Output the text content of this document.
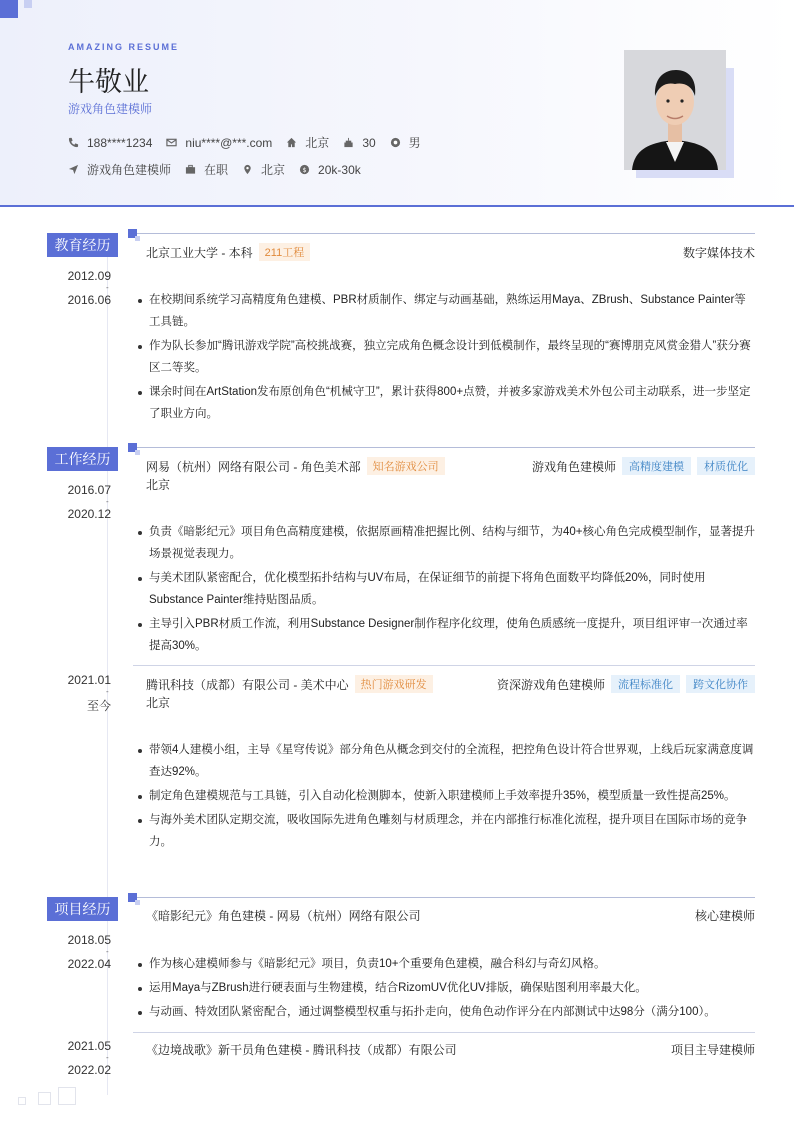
AMAZING RESUME
牛敬业
游戏角色建模师
188****1234	niu****@***.com	北京	30	男
游戏角色建模师	在职	北京 $ 20k-30k
教育经历
2012.09
-
2016.06
北京工业大学 - 本科	211工程	数字媒体技术
在校期间系统学习高精度角色建模、PBR材质制作、绑定与动画基础，熟练运用Maya、ZBrush、Substance Painter等工具链。
作为队长参加“腾讯游戏学院”高校挑战赛，独立完成角色概念设计到低模制作，最终呈现的“赛博朋克风赏金猎人”获分赛区二等奖。
课余时间在ArtStation发布原创角色“机械守卫”，累计获得800+点赞，并被多家游戏美术外包公司主动联系，进一步坚定了职业方向。
工作经历
2016.07
-
2020.12
网易（杭州）网络有限公司 - 角色美术部	知名游戏公司	游戏角色建模师	高精度建模	材质优化
北京
负责《暗影纪元》项目角色高精度建模，依据原画精准把握比例、结构与细节，为40+核心角色完成模型制作，显著提升场景视觉表现力。
与美术团队紧密配合，优化模型拓扑结构与UV布局，在保证细节的前提下将角色面数平均降低20%，同时使用Substance Painter维持贴图品质。
主导引入PBR材质工作流，利用Substance Designer制作程序化纹理，使角色质感统一度提升，项目组评审一次通过率提高30%。
2021.01
-
至今
腾讯科技（成都）有限公司 - 美术中心	热门游戏研发	资深游戏角色建模师	流程标准化	跨文化协作
北京
带领4人建模小组，主导《星穹传说》部分角色从概念到交付的全流程，把控角色设计符合世界观，上线后玩家满意度调查达92%。
制定角色建模规范与工具链，引入自动化检测脚本，使新入职建模师上手效率提升35%，模型质量一致性提高25%。
与海外美术团队定期交流，吸收国际先进角色雕刻与材质理念，并在内部推行标准化流程，提升项目在国际市场的竞争力。
项目经历
2018.05
-
2022.04
《暗影纪元》角色建模 - 网易（杭州）网络有限公司	核心建模师
作为核心建模师参与《暗影纪元》项目，负责10+个重要角色建模，融合科幻与奇幻风格。
运用Maya与ZBrush进行硬表面与生物建模，结合RizomUV优化UV排版，确保贴图利用率最大化。
与动画、特效团队紧密配合，通过调整模型权重与拓扑走向，使角色动作评分在内部测试中达98分（满分100）。
2021.05
-
2022.02
《边境战歌》新干员角色建模 - 腾讯科技（成都）有限公司	项目主导建模师
